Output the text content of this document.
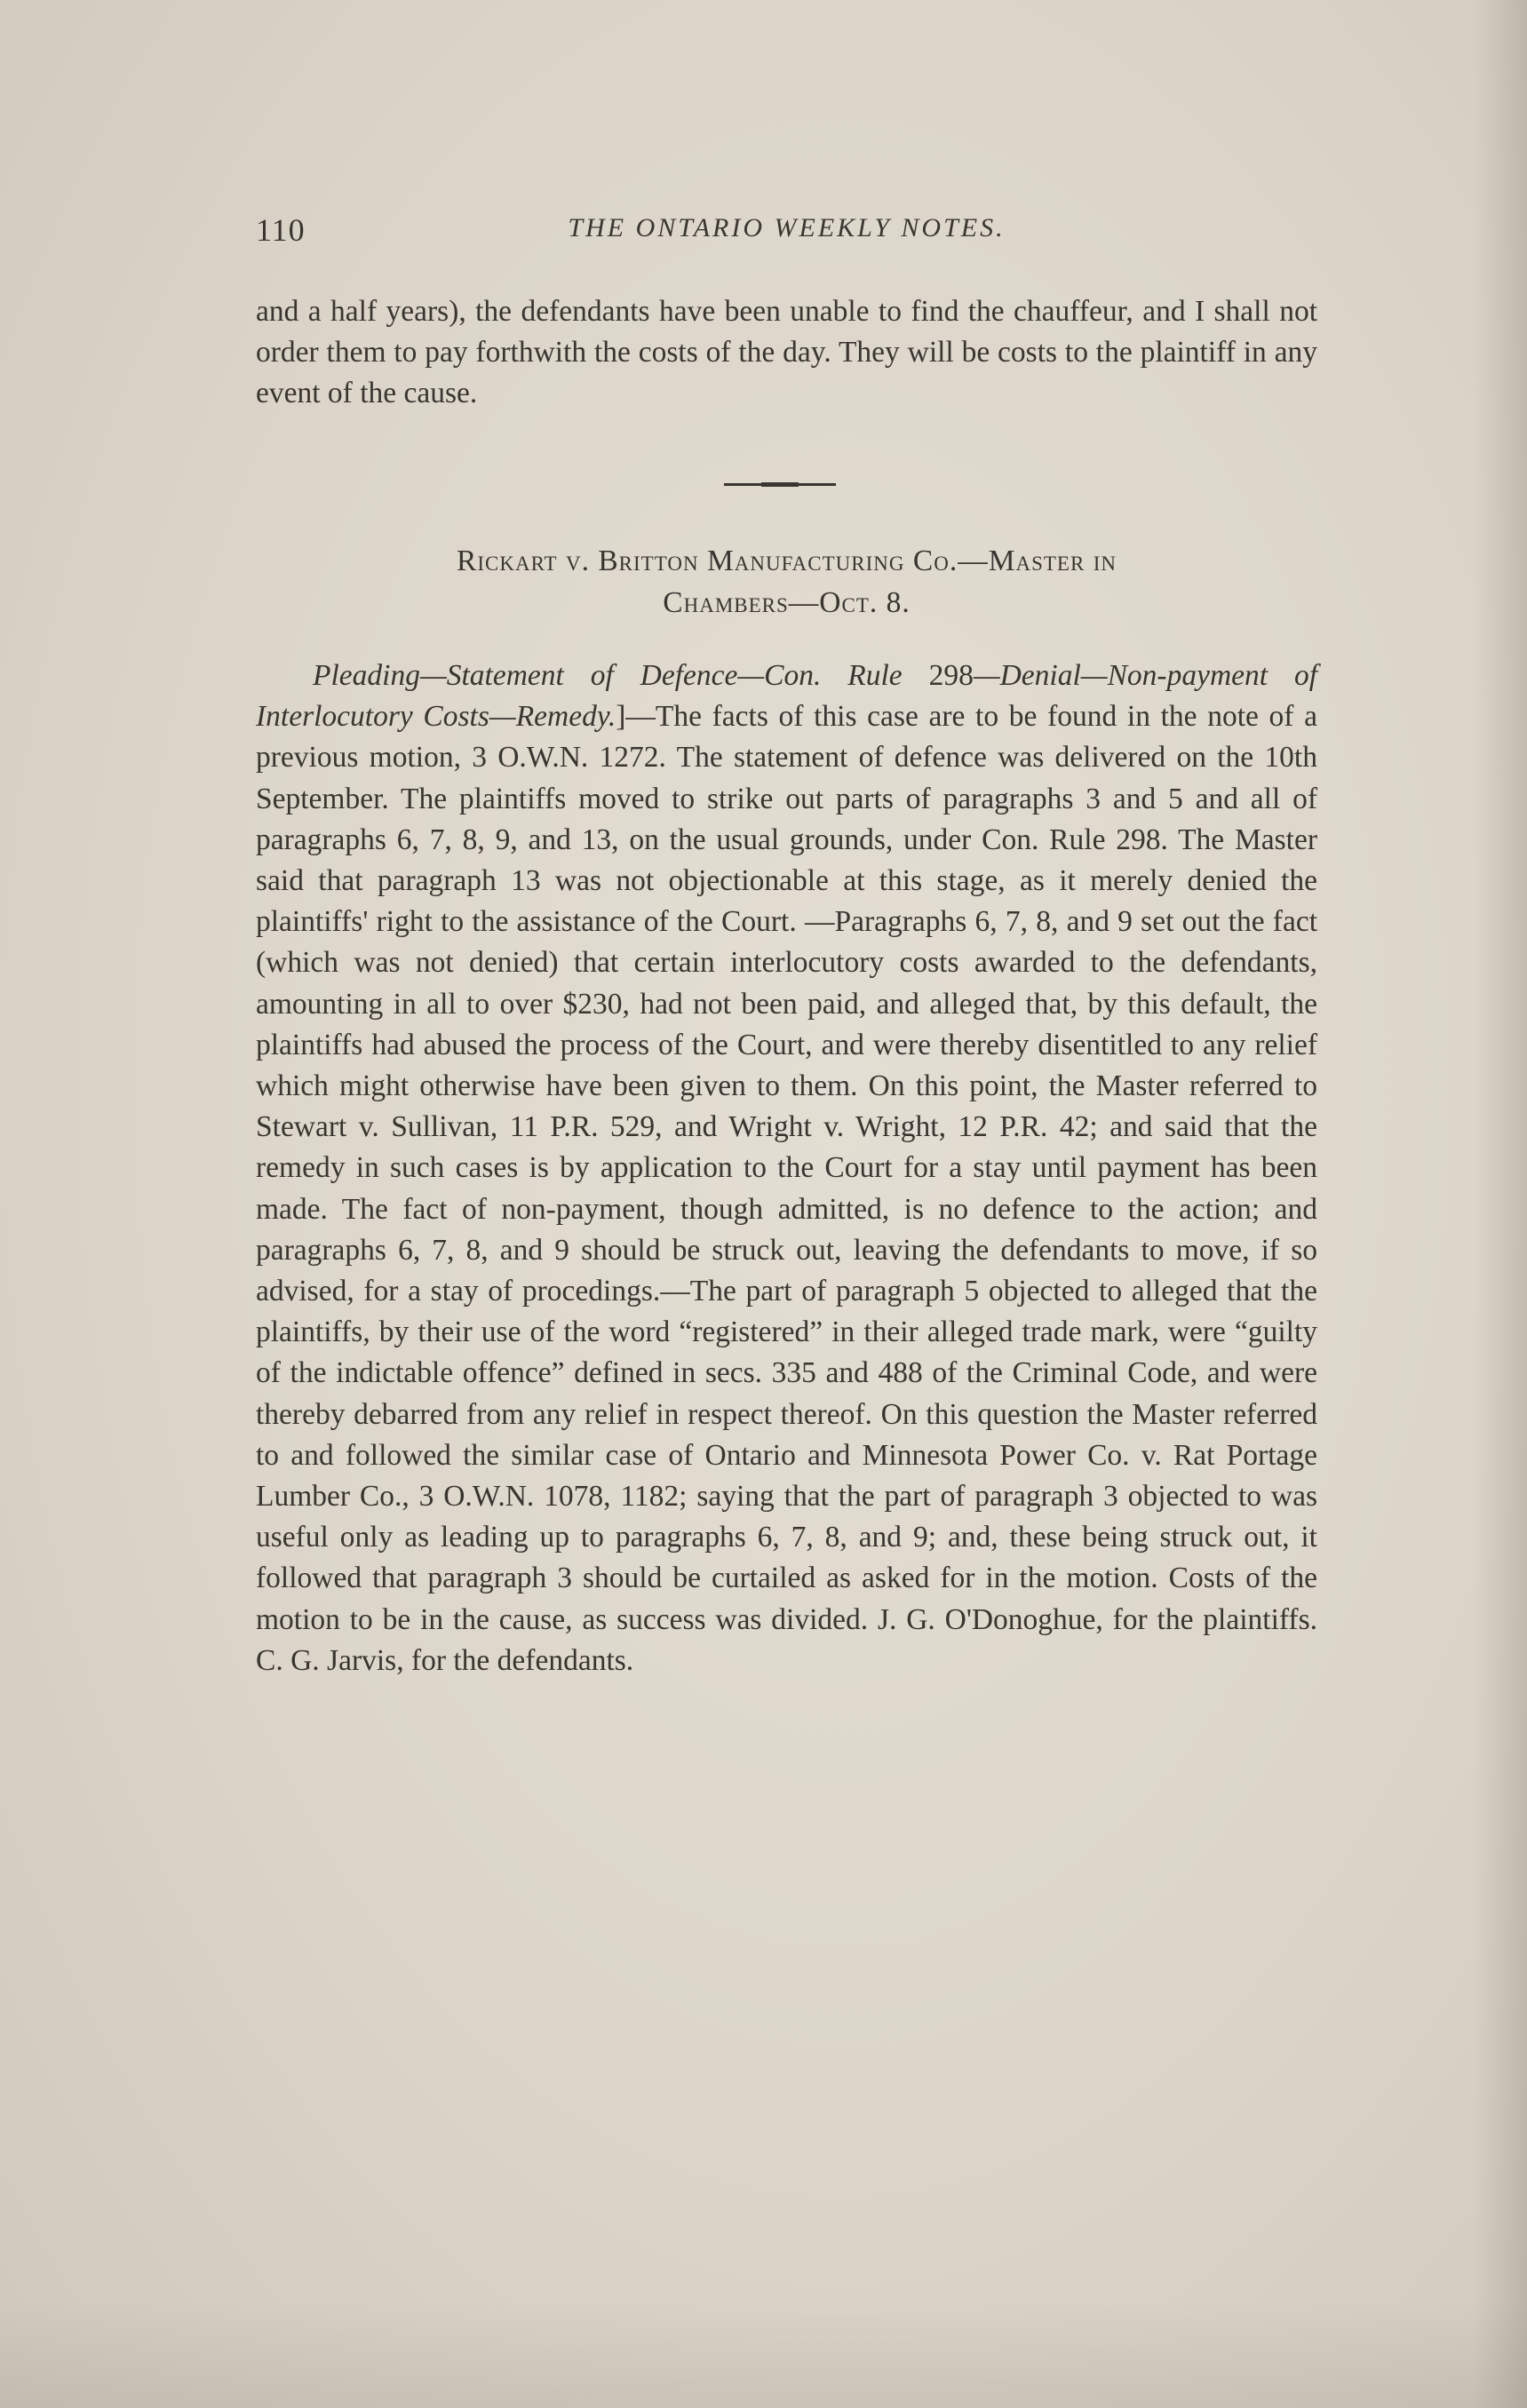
110	THE ONTARIO WEEKLY NOTES.

and a half years), the defendants have been unable to find the chauffeur, and I shall not order them to pay forthwith the costs of the day. They will be costs to the plaintiff in any event of the cause.

Rickart v. Britton Manufacturing Co.—Master in
Chambers—Oct. 8.

Pleading—Statement of Defence—Con. Rule 298—Denial—Non-payment of Interlocutory Costs—Remedy.]—The facts of this case are to be found in the note of a previous motion, 3 O.W.N. 1272. The statement of defence was delivered on the 10th September. The plaintiffs moved to strike out parts of paragraphs 3 and 5 and all of paragraphs 6, 7, 8, 9, and 13, on the usual grounds, under Con. Rule 298. The Master said that paragraph 13 was not objectionable at this stage, as it merely denied the plaintiffs' right to the assistance of the Court. —Paragraphs 6, 7, 8, and 9 set out the fact (which was not denied) that certain interlocutory costs awarded to the defendants, amounting in all to over $230, had not been paid, and alleged that, by this default, the plaintiffs had abused the process of the Court, and were thereby disentitled to any relief which might otherwise have been given to them. On this point, the Master referred to Stewart v. Sullivan, 11 P.R. 529, and Wright v. Wright, 12 P.R. 42; and said that the remedy in such cases is by application to the Court for a stay until payment has been made. The fact of non-payment, though admitted, is no defence to the action; and paragraphs 6, 7, 8, and 9 should be struck out, leaving the defendants to move, if so advised, for a stay of procedings.—The part of paragraph 5 objected to alleged that the plaintiffs, by their use of the word “registered” in their alleged trade mark, were “guilty of the indictable offence” defined in secs. 335 and 488 of the Criminal Code, and were thereby debarred from any relief in respect thereof. On this question the Master referred to and followed the similar case of Ontario and Minnesota Power Co. v. Rat Portage Lumber Co., 3 O.W.N. 1078, 1182; saying that the part of paragraph 3 objected to was useful only as leading up to paragraphs 6, 7, 8, and 9; and, these being struck out, it followed that paragraph 3 should be curtailed as asked for in the motion. Costs of the motion to be in the cause, as success was divided. J. G. O'Donoghue, for the plaintiffs. C. G. Jarvis, for the defendants.
